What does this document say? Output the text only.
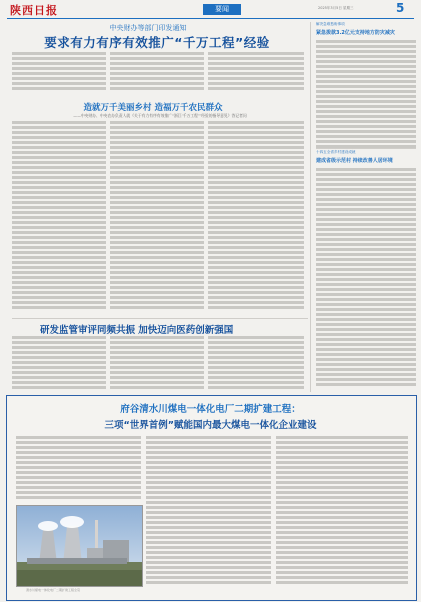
陕西日报	要闻	2025年3月5日 星期三	5
中央财办等部门印发通知
要求有力有序有效推广“千万工程”经验
造就万千美丽乡村 造福万千农民群众
——中央财办、中央农办负责人就《关于有力有序有效推广“浙江‘千万工程’”经验的指导意见》答记者问
解决急难愁盼事项
紧急拨款3.2亿元支持地方防灾减灾
十四五全省乡村建设成就
建成省级示范村 持续改善人居环境
研发监管审评同频共振 加快迈向医药创新强国
府谷清水川煤电一体化电厂二期扩建工程：
三项“世界首例”赋能国内最大煤电一体化企业建设
清水川煤电一体化电厂二期扩建工程全景
